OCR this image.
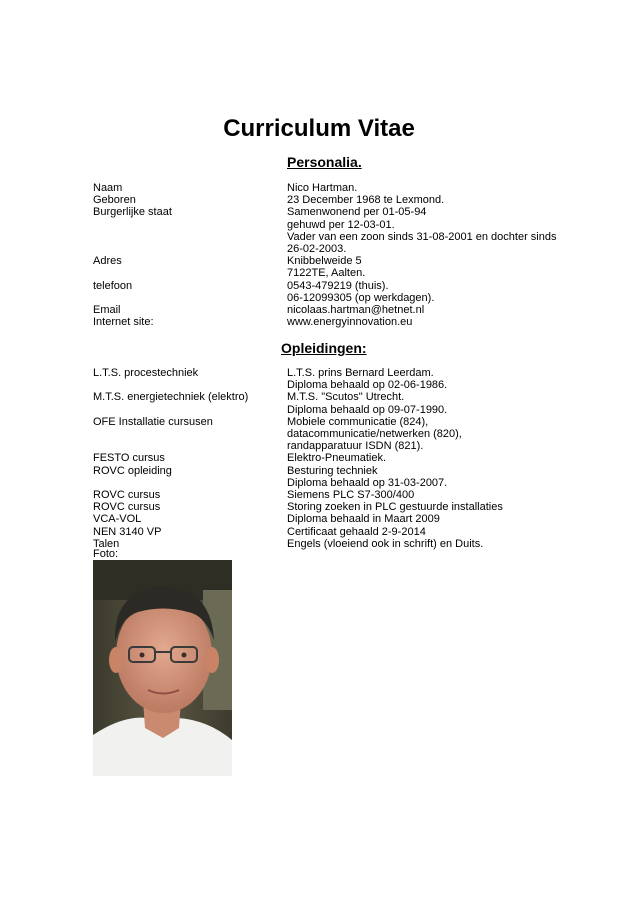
Curriculum Vitae
Personalia.
Naam	Nico Hartman.
Geboren	23 December 1968 te Lexmond.
Burgerlijke staat	Samenwonend per 01-05-94
gehuwd per 12-03-01.
Vader van een zoon sinds 31-08-2001 en dochter sinds
26-02-2003.
Adres	Knibbelweide 5
7122TE, Aalten.
telefoon	0543-479219 (thuis).
06-12099305 (op werkdagen).
Email	nicolaas.hartman@hetnet.nl
Internet site:	www.energyinnovation.eu
Opleidingen:
L.T.S. procestechniek	L.T.S. prins Bernard Leerdam.
Diploma behaald op 02-06-1986.
M.T.S. energietechniek (elektro)	M.T.S. "Scutos" Utrecht.
Diploma behaald op 09-07-1990.
OFE Installatie cursusen	Mobiele communicatie (824),
datacommunicatie/netwerken (820),
randapparatuur ISDN (821).
FESTO cursus	Elektro-Pneumatiek.
ROVC opleiding	Besturing techniek
Diploma behaald op 31-03-2007.
ROVC cursus	Siemens PLC S7-300/400
ROVC cursus	Storing zoeken in PLC gestuurde installaties
VCA-VOL	Diploma behaald in Maart 2009
NEN 3140 VP	Certificaat gehaald 2-9-2014
Talen	Engels (vloeiend ook in schrift) en Duits.
Foto:
